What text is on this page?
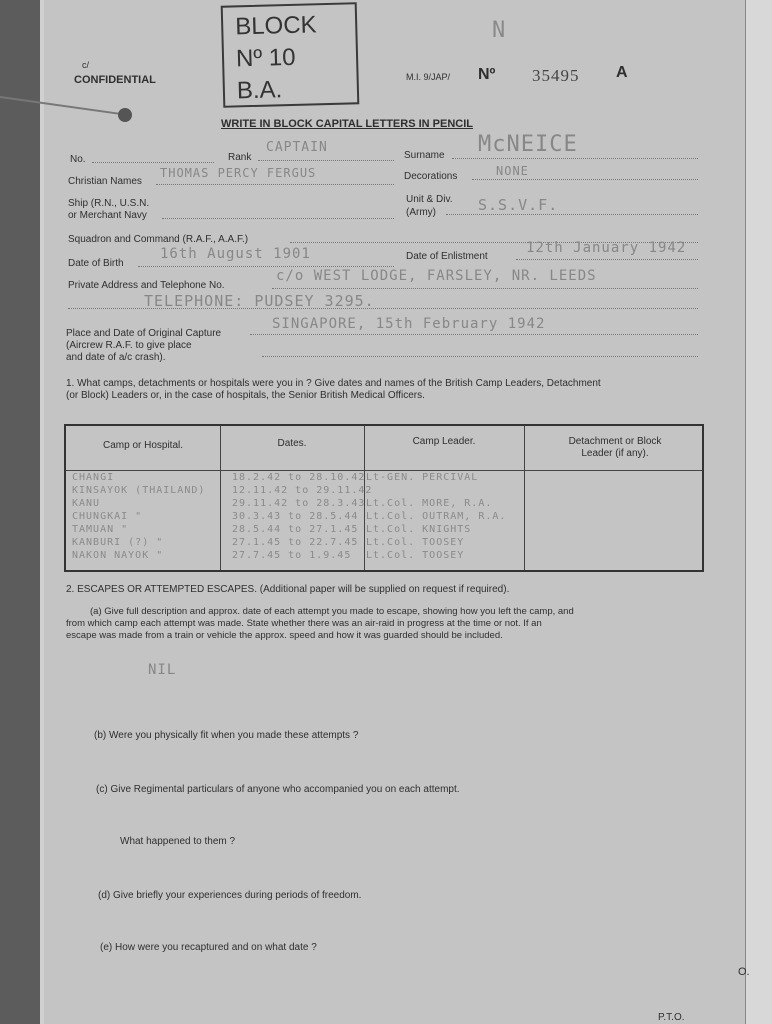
BLOCK
Nº 10
B.A.
N
c/
CONFIDENTIAL	M.I. 9/JAP/ Nº 35495 A
WRITE IN BLOCK CAPITAL LETTERS IN PENCIL
No.	Rank
CAPTAIN
Surname McNEICE
Christian Names
THOMAS PERCY FERGUS	Decorations	NONE
Ship (R.N., U.S.N.
or Merchant Navy
Unit & Div.
(Army)	S.S.V.F.
Squadron and Command (R.A.F., A.A.F.)
Date of Birth
16th August 1901	Date of Enlistment
12th January 1942
Private Address and Telephone No.
c/o WEST LODGE, FARSLEY, NR. LEEDS
TELEPHONE: PUDSEY 3295.
Place and Date of Original Capture
(Aircrew R.A.F. to give place
and date of a/c crash).
SINGAPORE, 15th February 1942
1. What camps, detachments or hospitals were you in ? Give dates and names of the British Camp Leaders, Detachment
(or Block) Leaders or, in the case of hospitals, the Senior British Medical Officers.
Camp or Hospital.	Dates.	Camp Leader.	Detachment or Block
Leader (if any).
CHANGI	18.2.42 to 28.10.42 Lt-GEN. PERCIVAL
KINSAYOK (THAILAND)	12.11.42 to 29.11.42
KANU	29.11.42 to 28.3.43 Lt.Col. MORE, R.A.
CHUNGKAI "	30.3.43 to 28.5.44 Lt.Col. OUTRAM, R.A.
TAMUAN "	28.5.44 to 27.1.45 Lt.Col. KNIGHTS
KANBURI (?) "	27.1.45 to 22.7.45 Lt.Col. TOOSEY
NAKON NAYOK "	27.7.45 to 1.9.45 Lt.Col. TOOSEY
2. ESCAPES OR ATTEMPTED ESCAPES. (Additional paper will be supplied on request if required).
(a) Give full description and approx. date of each attempt you made to escape, showing how you left the camp, and
from which camp each attempt was made. State whether there was an air-raid in progress at the time or not. If an
escape was made from a train or vehicle the approx. speed and how it was guarded should be included.
NIL
(b) Were you physically fit when you made these attempts ?
(c) Give Regimental particulars of anyone who accompanied you on each attempt.
What happened to them ?
(d) Give briefly your experiences during periods of freedom.
(e) How were you recaptured and on what date ?
P.T.O.
O.
